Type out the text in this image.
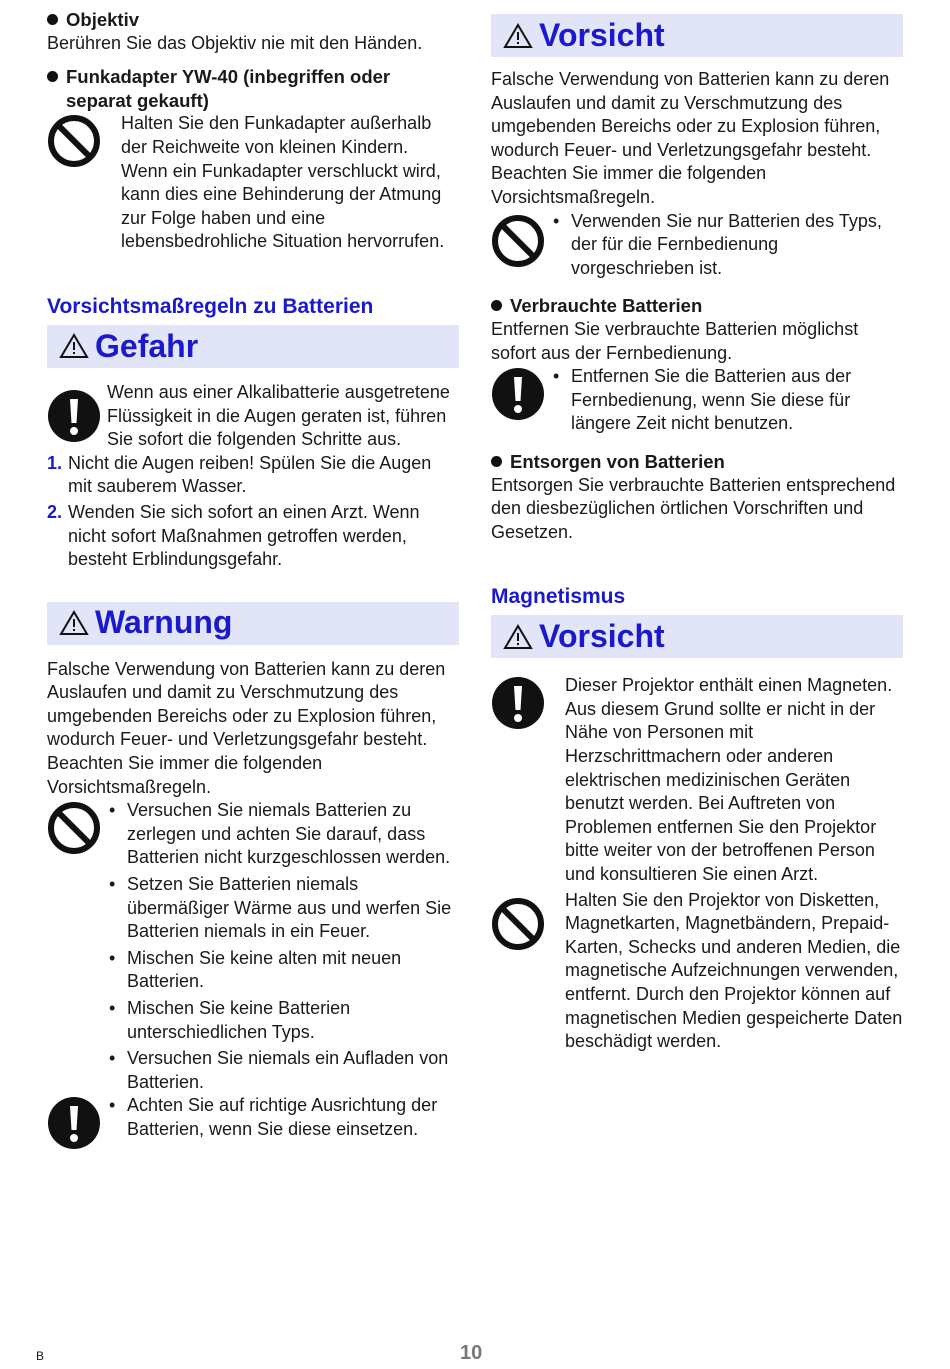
Objektiv

Berühren Sie das Objektiv nie mit den Händen.

Funkadapter YW-40 (inbegriffen oder separat gekauft)

Halten Sie den Funkadapter außerhalb der Reichweite von kleinen Kindern. Wenn ein Funkadapter verschluckt wird, kann dies eine Behinderung der Atmung zur Folge haben und eine lebensbedrohliche Situation hervorrufen.

Vorsichtsmaßregeln zu Batterien
Gefahr

Wenn aus einer Alkalibatterie ausgetretene Flüssigkeit in die Augen geraten ist, führen Sie sofort die folgenden Schritte aus.

1. Nicht die Augen reiben! Spülen Sie die Augen mit sauberem Wasser.
2. Wenden Sie sich sofort an einen Arzt. Wenn nicht sofort Maßnahmen getroffen werden, besteht Erblindungsgefahr.
Warnung

Falsche Verwendung von Batterien kann zu deren Auslaufen und damit zu Verschmutzung des umgebenden Bereichs oder zu Explosion führen, wodurch Feuer- und Verletzungsgefahr besteht. Beachten Sie immer die folgenden Vorsichtsmaßregeln.

• Versuchen Sie niemals Batterien zu zerlegen und achten Sie darauf, dass Batterien nicht kurzgeschlossen werden.
• Setzen Sie Batterien niemals übermäßiger Wärme aus und werfen Sie Batterien niemals in ein Feuer.
• Mischen Sie keine alten mit neuen Batterien.
• Mischen Sie keine Batterien unterschiedlichen Typs.
• Versuchen Sie niemals ein Aufladen von Batterien.
• Achten Sie auf richtige Ausrichtung der Batterien, wenn Sie diese einsetzen.
Vorsicht

Falsche Verwendung von Batterien kann zu deren Auslaufen und damit zu Verschmutzung des umgebenden Bereichs oder zu Explosion führen, wodurch Feuer- und Verletzungsgefahr besteht. Beachten Sie immer die folgenden Vorsichtsmaßregeln.

• Verwenden Sie nur Batterien des Typs, der für die Fernbedienung vorgeschrieben ist.
Verbrauchte Batterien

Entfernen Sie verbrauchte Batterien möglichst sofort aus der Fernbedienung.

• Entfernen Sie die Batterien aus der Fernbedienung, wenn Sie diese für längere Zeit nicht benutzen.
Entsorgen von Batterien

Entsorgen Sie verbrauchte Batterien entsprechend den diesbezüglichen örtlichen Vorschriften und Gesetzen.

Magnetismus
Vorsicht

Dieser Projektor enthält einen Magneten. Aus diesem Grund sollte er nicht in der Nähe von Personen mit Herzschrittmachern oder anderen elektrischen medizinischen Geräten benutzt werden. Bei Auftreten von Problemen entfernen Sie den Projektor bitte weiter von der betroffenen Person und konsultieren Sie einen Arzt.

Halten Sie den Projektor von Disketten, Magnetkarten, Magnetbändern, Prepaid-Karten, Schecks und anderen Medien, die magnetische Aufzeichnungen verwenden, entfernt. Durch den Projektor können auf magnetischen Medien gespeicherte Daten beschädigt werden.

B	10
